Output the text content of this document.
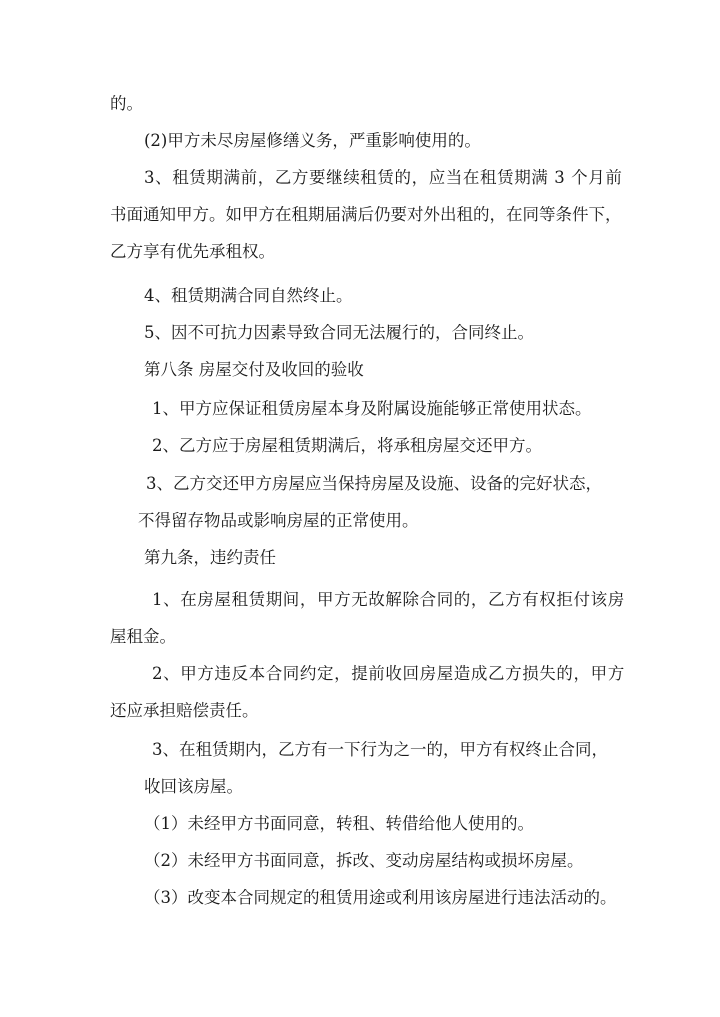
的。
(2)甲方未尽房屋修缮义务，严重影响使用的。
3、租赁期满前，乙方要继续租赁的，应当在租赁期满 3 个月前
书面通知甲方。如甲方在租期届满后仍要对外出租的，在同等条件下，
乙方享有优先承租权。
4、租赁期满合同自然终止。
5、因不可抗力因素导致合同无法履行的，合同终止。
第八条 房屋交付及收回的验收
1、甲方应保证租赁房屋本身及附属设施能够正常使用状态。
2、乙方应于房屋租赁期满后，将承租房屋交还甲方。
3、乙方交还甲方房屋应当保持房屋及设施、设备的完好状态，
不得留存物品或影响房屋的正常使用。
第九条，违约责任
1、在房屋租赁期间，甲方无故解除合同的，乙方有权拒付该房
屋租金。
2、甲方违反本合同约定，提前收回房屋造成乙方损失的，甲方
还应承担赔偿责任。
3、在租赁期内，乙方有一下行为之一的，甲方有权终止合同，
收回该房屋。
（1）未经甲方书面同意，转租、转借给他人使用的。
（2）未经甲方书面同意，拆改、变动房屋结构或损坏房屋。
（3）改变本合同规定的租赁用途或利用该房屋进行违法活动的。
